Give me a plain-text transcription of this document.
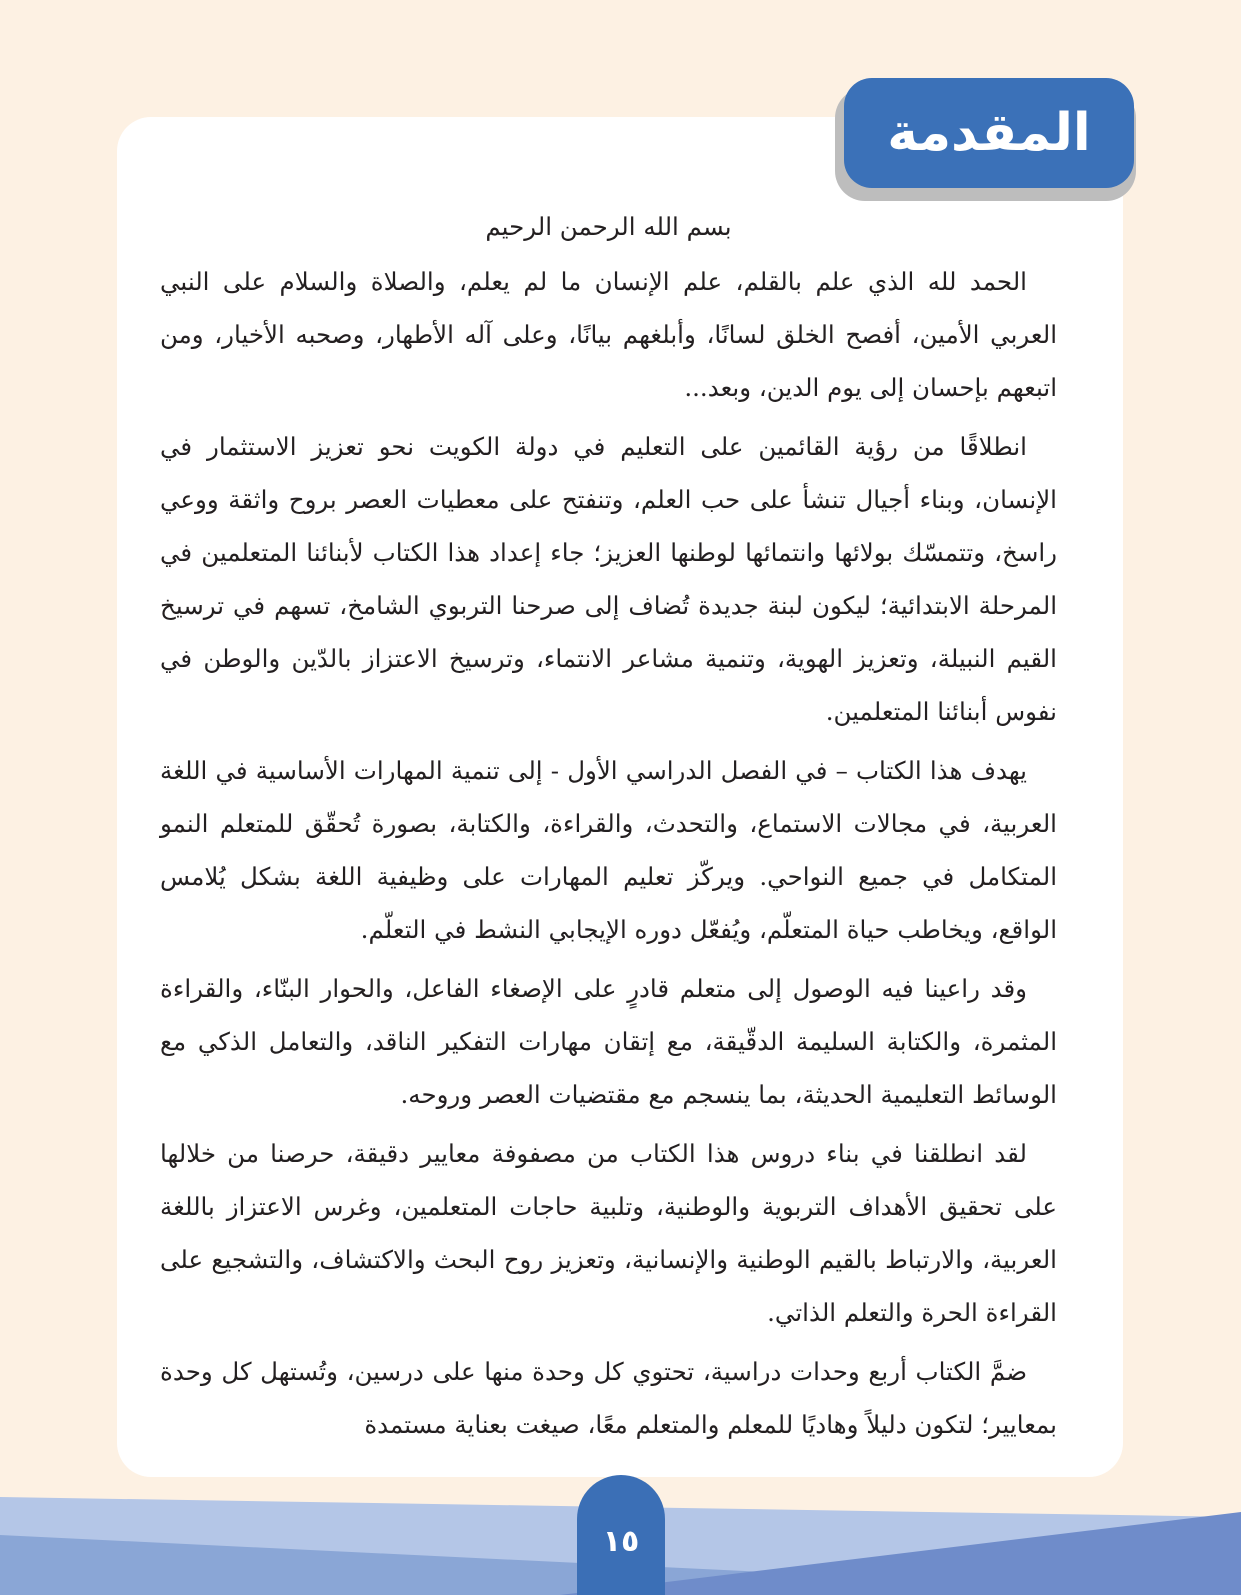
المقدمة

بسم الله الرحمن الرحيم

الحمد لله الذي علم بالقلم، علم الإنسان ما لم يعلم، والصلاة والسلام على النبي العربي الأمين، أفصح الخلق لسانًا، وأبلغهم بيانًا، وعلى آله الأطهار، وصحبه الأخيار، ومن اتبعهم بإحسان إلى يوم الدين، وبعد...

انطلاقًا من رؤية القائمين على التعليم في دولة الكويت نحو تعزيز الاستثمار في الإنسان، وبناء أجيال تنشأ على حب العلم، وتنفتح على معطيات العصر بروح واثقة ووعي راسخ، وتتمسّك بولائها وانتمائها لوطنها العزيز؛ جاء إعداد هذا الكتاب لأبنائنا المتعلمين في المرحلة الابتدائية؛ ليكون لبنة جديدة تُضاف إلى صرحنا التربوي الشامخ، تسهم في ترسيخ القيم النبيلة، وتعزيز الهوية، وتنمية مشاعر الانتماء، وترسيخ الاعتزاز بالدّين والوطن في نفوس أبنائنا المتعلمين.

يهدف هذا الكتاب – في الفصل الدراسي الأول - إلى تنمية المهارات الأساسية في اللغة العربية، في مجالات الاستماع، والتحدث، والقراءة، والكتابة، بصورة تُحقّق للمتعلم النمو المتكامل في جميع النواحي. ويركّز تعليم المهارات على وظيفية اللغة بشكل يُلامس الواقع، ويخاطب حياة المتعلّم، ويُفعّل دوره الإيجابي النشط في التعلّم.

وقد راعينا فيه الوصول إلى متعلم قادرٍ على الإصغاء الفاعل، والحوار البنّاء، والقراءة المثمرة، والكتابة السليمة الدقّيقة، مع إتقان مهارات التفكير الناقد، والتعامل الذكي مع الوسائط التعليمية الحديثة، بما ينسجم مع مقتضيات العصر وروحه.

لقد انطلقنا في بناء دروس هذا الكتاب من مصفوفة معايير دقيقة، حرصنا من خلالها على تحقيق الأهداف التربوية والوطنية، وتلبية حاجات المتعلمين، وغرس الاعتزاز باللغة العربية، والارتباط بالقيم الوطنية والإنسانية، وتعزيز روح البحث والاكتشاف، والتشجيع على القراءة الحرة والتعلم الذاتي.

ضمَّ الكتاب أربع وحدات دراسية، تحتوي كل وحدة منها على درسين، وتُستهل كل وحدة بمعايير؛ لتكون دليلاً وهاديًا للمعلم والمتعلم معًا، صيغت بعناية مستمدة

١٥
